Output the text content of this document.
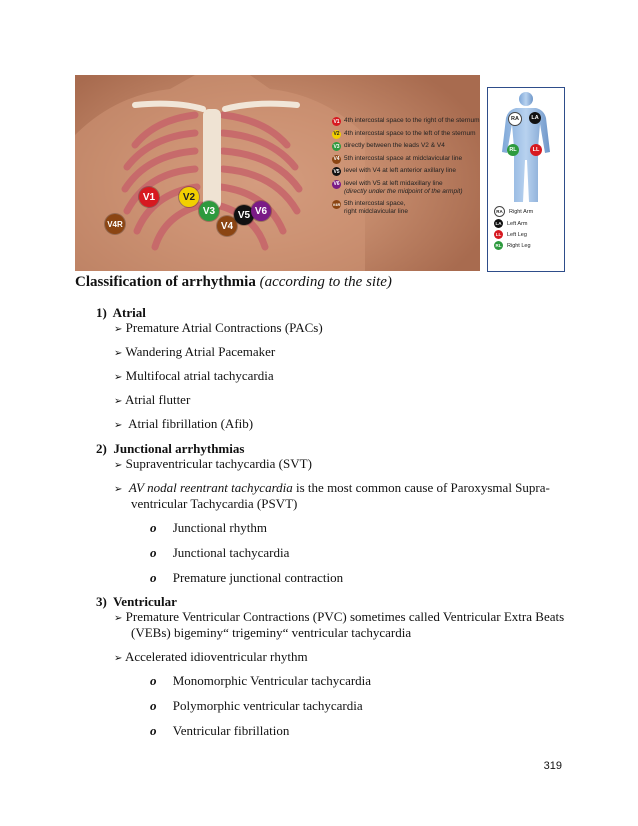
V1	V2
V3
V4
V5 V6
V4R
V1 4th intercostal space to the right of the sternum
V2 4th intercostal space to the left of the sternum
V3 directly between the leads V2 & V4
V4 5th intercostal space at midclavicular line
V5 level with V4 at left anterior axillary line
V6 level with V5 at left midaxillary line
(directly under the midpoint of the armpit)
V4R 5th intercostal space,
right midclavicular line
RA	LA
RL	LL
RA	Right Arm
LA Left Arm
LL	Left Leg
RL Right Leg
Classification of arrhythmia (according to the site)
1) Atrial
➢ Premature Atrial Contractions (PACs)
➢ Wandering Atrial Pacemaker
➢ Multifocal atrial tachycardia
➢ Atrial flutter
➢  Atrial fibrillation (Afib)
2) Junctional arrhythmias
➢ Supraventricular tachycardia (SVT)
➢ AV nodal reentrant tachycardia is the most common cause of Paroxysmal Supra-
ventricular Tachycardia (PSVT)
o Junctional rhythm
o Junctional tachycardia
o Premature junctional contraction
3) Ventricular
➢ Premature Ventricular Contractions (PVC) sometimes called Ventricular Extra Beats
(VEBs) bigeminy“ trigeminy“ ventricular tachycardia
➢ Accelerated idioventricular rhythm
o Monomorphic Ventricular tachycardia
o Polymorphic ventricular tachycardia
o Ventricular fibrillation
319
